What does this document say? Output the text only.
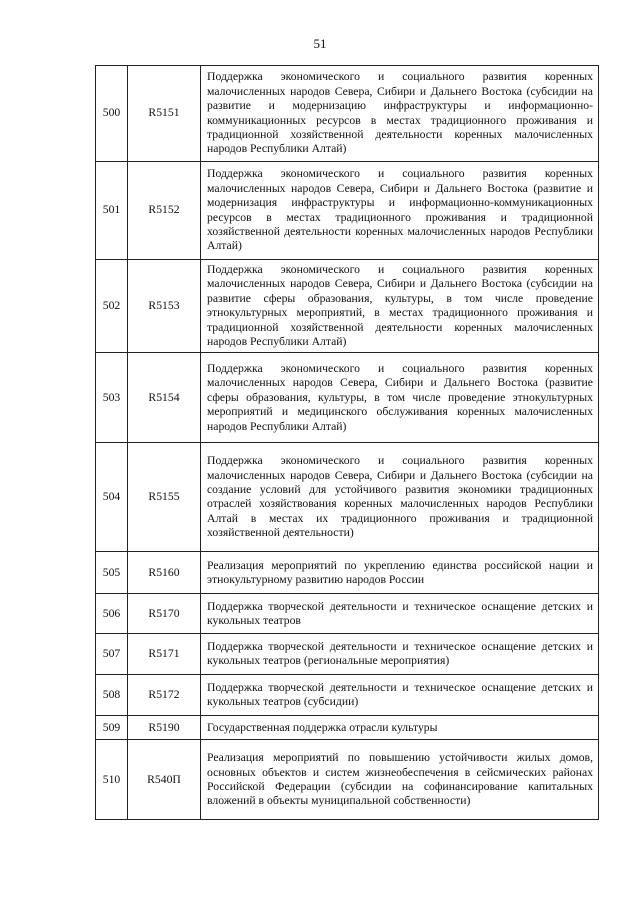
51
500	R5151	Поддержка экономического и социального развития коренных малочисленных народов Севера, Сибири и Дальнего Востока (субсидии на развитие и модернизацию инфраструктуры и информационно-коммуникационных ресурсов в местах традиционного проживания и традиционной хозяйственной деятельности коренных малочисленных народов Республики Алтай)
501	R5152	Поддержка экономического и социального развития коренных малочисленных народов Севера, Сибири и Дальнего Востока (развитие и модернизация инфраструктуры и информационно-коммуникационных ресурсов в местах традиционного проживания и традиционной хозяйственной деятельности коренных малочисленных народов Республики Алтай)
502	R5153	Поддержка экономического и социального развития коренных малочисленных народов Севера, Сибири и Дальнего Востока (субсидии на развитие сферы образования, культуры, в том числе проведение этнокультурных мероприятий, в местах традиционного проживания и традиционной хозяйственной деятельности коренных малочисленных народов Республики Алтай)
503	R5154	Поддержка экономического и социального развития коренных малочисленных народов Севера, Сибири и Дальнего Востока (развитие сферы образования, культуры, в том числе проведение этнокультурных мероприятий и медицинского обслуживания коренных малочисленных народов Республики Алтай)
504	R5155	Поддержка экономического и социального развития коренных малочисленных народов Севера, Сибири и Дальнего Востока (субсидии на создание условий для устойчивого развития экономики традиционных отраслей хозяйствования коренных малочисленных народов Республики Алтай в местах их традиционного проживания и традиционной хозяйственной деятельности)
505	R5160	Реализация мероприятий по укреплению единства российской нации и этнокультурному развитию народов России
506	R5170	Поддержка творческой деятельности и техническое оснащение детских и кукольных театров
507	R5171	Поддержка творческой деятельности и техническое оснащение детских и кукольных театров (региональные мероприятия)
508	R5172	Поддержка творческой деятельности и техническое оснащение детских и кукольных театров (субсидии)
509	R5190	Государственная поддержка отрасли культуры
510	R540П	Реализация мероприятий по повышению устойчивости жилых домов, основных объектов и систем жизнеобеспечения в сейсмических районах Российской Федерации (субсидии на софинансирование капитальных вложений в объекты муниципальной собственности)
